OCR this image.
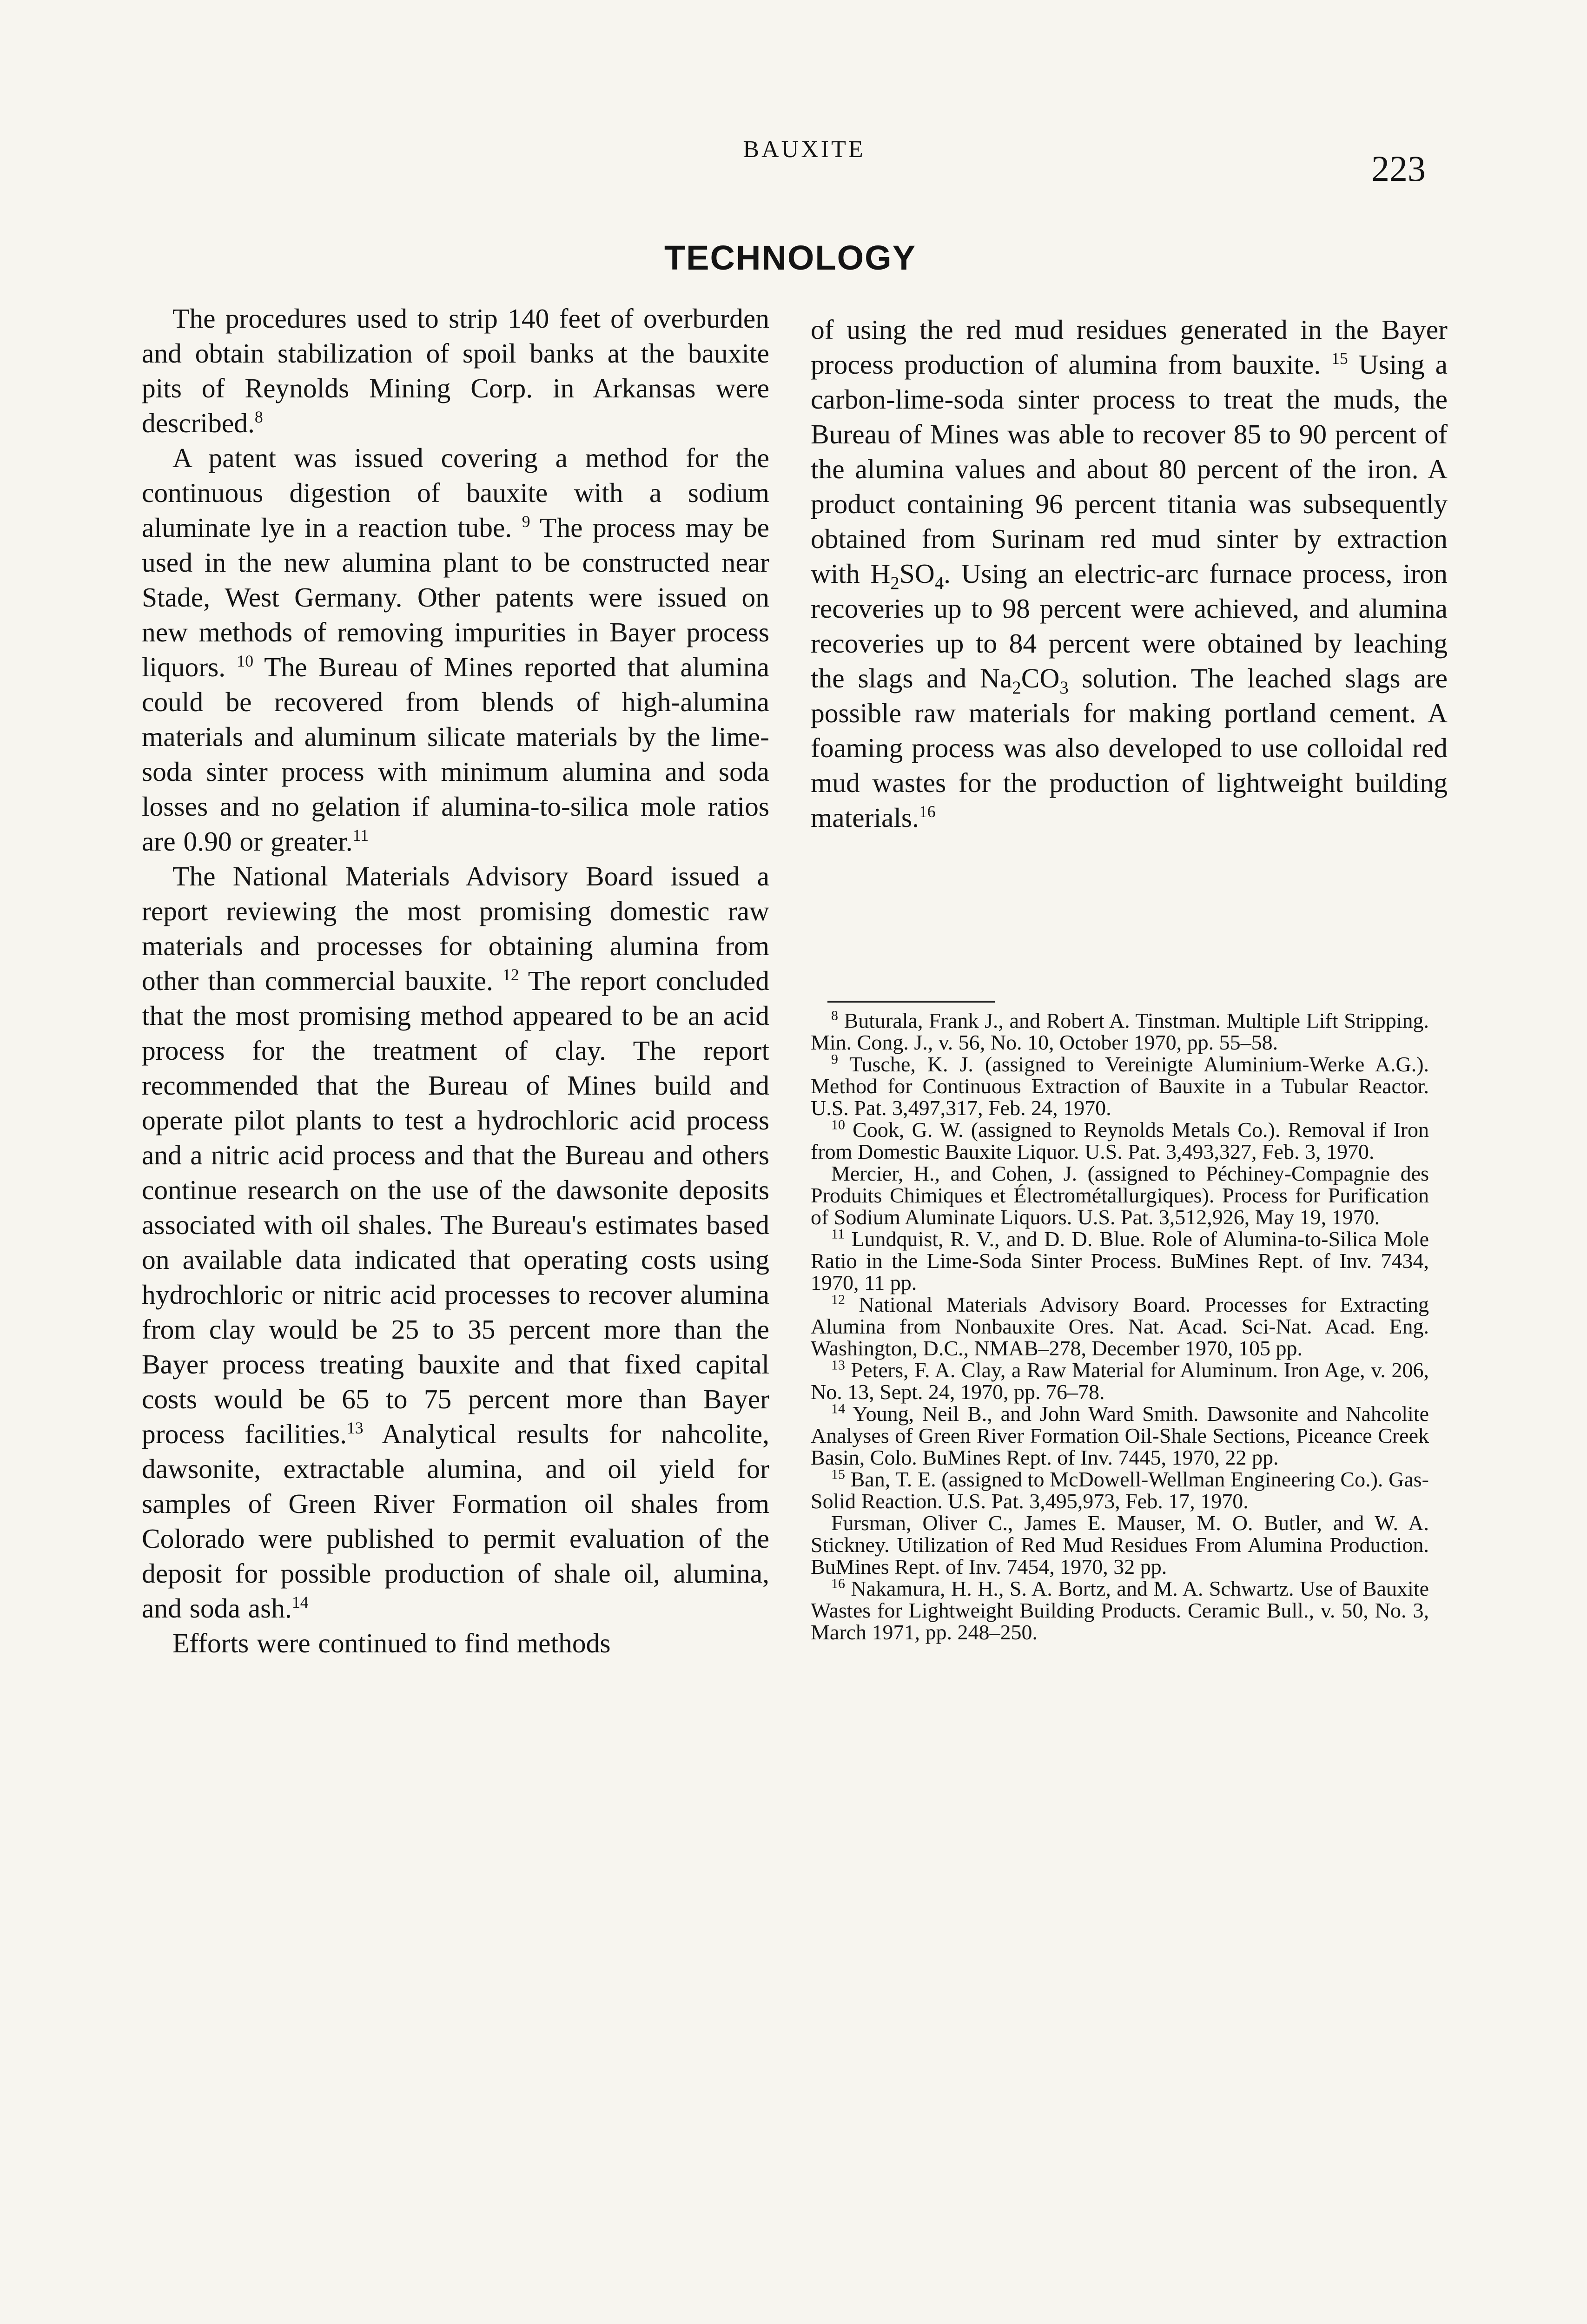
BAUXITE	223
TECHNOLOGY

The procedures used to strip 140 feet of overburden and obtain stabilization of spoil banks at the bauxite pits of Reynolds Mining Corp. in Arkansas were described.$^8$

A patent was issued covering a method for the continuous digestion of bauxite with a sodium aluminate lye in a reaction tube. $^9$ The process may be used in the new alumina plant to be constructed near Stade, West Germany. Other patents were issued on new methods of removing impurities in Bayer process liquors. $^{10}$ The Bureau of Mines reported that alumina could be recovered from blends of high-alumina materials and aluminum silicate materials by the lime-soda sinter process with minimum alumina and soda losses and no gelation if alumina-to-silica mole ratios are 0.90 or greater.$^{11}$

The National Materials Advisory Board issued a report reviewing the most promising domestic raw materials and processes for obtaining alumina from other than commercial bauxite. $^{12}$ The report concluded that the most promising method appeared to be an acid process for the treatment of clay. The report recommended that the Bureau of Mines build and operate pilot plants to test a hydrochloric acid process and a nitric acid process and that the Bureau and others continue research on the use of the dawsonite deposits associated with oil shales. The Bureau's estimates based on available data indicated that operating costs using hydrochloric or nitric acid processes to recover alumina from clay would be 25 to 35 percent more than the Bayer process treating bauxite and that fixed capital costs would be 65 to 75 percent more than Bayer process facilities.$^{13}$ Analytical results for nahcolite, dawsonite, extractable alumina, and oil yield for samples of Green River Formation oil shales from Colorado were published to permit evaluation of the deposit for possible production of shale oil, alumina, and soda ash.$^{14}$

Efforts were continued to find methods

of using the red mud residues generated in the Bayer process production of alumina from bauxite. $^{15}$ Using a carbon-lime-soda sinter process to treat the muds, the Bureau of Mines was able to recover 85 to 90 percent of the alumina values and about 80 percent of the iron. A product containing 96 percent titania was subsequently obtained from Surinam red mud sinter by extraction with $H_2SO_4$. Using an electric-arc furnace process, iron recoveries up to 98 percent were achieved, and alumina recoveries up to 84 percent were obtained by leaching the slags and $Na_2CO_3$ solution. The leached slags are possible raw materials for making portland cement. A foaming process was also developed to use colloidal red mud wastes for the production of lightweight building materials.$^{16}$

$^8$ Buturala, Frank J., and Robert A. Tinstman. Multiple Lift Stripping. Min. Cong. J., v. 56, No. 10, October 1970, pp. 55–58.

$^9$ Tusche, K. J. (assigned to Vereinigte Aluminium-Werke A.G.). Method for Continuous Extraction of Bauxite in a Tubular Reactor. U.S. Pat. 3,497,317, Feb. 24, 1970.

$^{10}$ Cook, G. W. (assigned to Reynolds Metals Co.). Removal if Iron from Domestic Bauxite Liquor. U.S. Pat. 3,493,327, Feb. 3, 1970.

Mercier, H., and Cohen, J. (assigned to Péchiney-Compagnie des Produits Chimiques et Électrométallurgiques). Process for Purification of Sodium Aluminate Liquors. U.S. Pat. 3,512,926, May 19, 1970.

$^{11}$ Lundquist, R. V., and D. D. Blue. Role of Alumina-to-Silica Mole Ratio in the Lime-Soda Sinter Process. BuMines Rept. of Inv. 7434, 1970, 11 pp.

$^{12}$ National Materials Advisory Board. Processes for Extracting Alumina from Nonbauxite Ores. Nat. Acad. Sci-Nat. Acad. Eng. Washington, D.C., NMAB–278, December 1970, 105 pp.

$^{13}$ Peters, F. A. Clay, a Raw Material for Aluminum. Iron Age, v. 206, No. 13, Sept. 24, 1970, pp. 76–78.

$^{14}$ Young, Neil B., and John Ward Smith. Dawsonite and Nahcolite Analyses of Green River Formation Oil-Shale Sections, Piceance Creek Basin, Colo. BuMines Rept. of Inv. 7445, 1970, 22 pp.

$^{15}$ Ban, T. E. (assigned to McDowell-Wellman Engineering Co.). Gas-Solid Reaction. U.S. Pat. 3,495,973, Feb. 17, 1970.

Fursman, Oliver C., James E. Mauser, M. O. Butler, and W. A. Stickney. Utilization of Red Mud Residues From Alumina Production. BuMines Rept. of Inv. 7454, 1970, 32 pp.

$^{16}$ Nakamura, H. H., S. A. Bortz, and M. A. Schwartz. Use of Bauxite Wastes for Lightweight Building Products. Ceramic Bull., v. 50, No. 3, March 1971, pp. 248–250.
